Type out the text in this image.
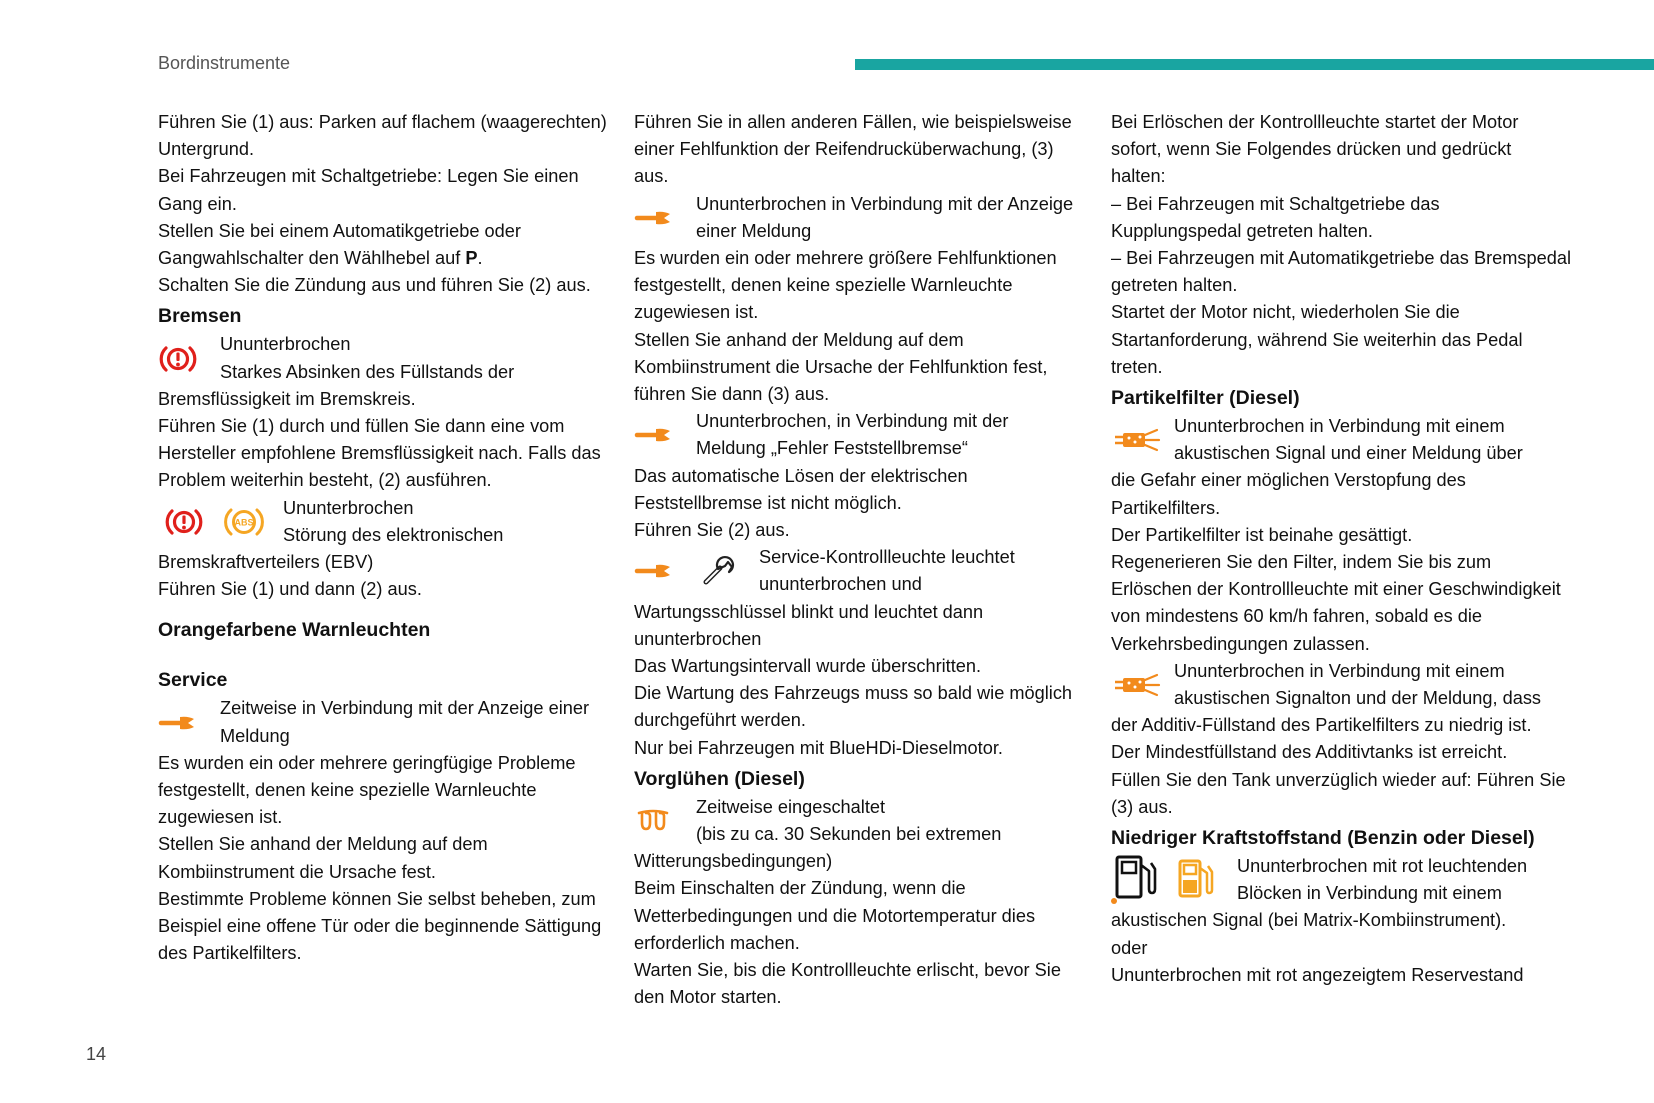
Bordinstrumente

Führen Sie (1) aus: Parken auf flachem (waagerechten) Untergrund.

Bei Fahrzeugen mit Schaltgetriebe: Legen Sie einen Gang ein.

Stellen Sie bei einem Automatikgetriebe oder Gangwahlschalter den Wählhebel auf P.

Schalten Sie die Zündung aus und führen Sie (2) aus.

Bremsen

Ununterbrochen

Starkes Absinken des Füllstands der

Bremsflüssigkeit im Bremskreis.

Führen Sie (1) durch und füllen Sie dann eine vom Hersteller empfohlene Bremsflüssigkeit nach. Falls das Problem weiterhin besteht, (2) ausführen.

ABS

Ununterbrochen

Störung des elektronischen

Bremskraftverteilers (EBV)

Führen Sie (1) und dann (2) aus.

Orangefarbene Warnleuchten
Service

Zeitweise in Verbindung mit der Anzeige einer

Meldung

Es wurden ein oder mehrere geringfügige Probleme festgestellt, denen keine spezielle Warnleuchte zugewiesen ist.

Stellen Sie anhand der Meldung auf dem Kombiinstrument die Ursache fest.

Bestimmte Probleme können Sie selbst beheben, zum Beispiel eine offene Tür oder die beginnende Sättigung des Partikelfilters.

Führen Sie in allen anderen Fällen, wie beispielsweise einer Fehlfunktion der Reifendrucküberwachung, (3) aus.

Ununterbrochen in Verbindung mit der Anzeige

einer Meldung

Es wurden ein oder mehrere größere Fehlfunktionen festgestellt, denen keine spezielle Warnleuchte zugewiesen ist.

Stellen Sie anhand der Meldung auf dem Kombiinstrument die Ursache der Fehlfunktion fest, führen Sie dann (3) aus.

Ununterbrochen, in Verbindung mit der

Meldung „Fehler Feststellbremse“

Das automatische Lösen der elektrischen Feststellbremse ist nicht möglich.

Führen Sie (2) aus.

Service-Kontrollleuchte leuchtet

ununterbrochen und

Wartungsschlüssel blinkt und leuchtet dann ununterbrochen

Das Wartungsintervall wurde überschritten.

Die Wartung des Fahrzeugs muss so bald wie möglich durchgeführt werden.

Nur bei Fahrzeugen mit BlueHDi-Dieselmotor.

Vorglühen (Diesel)

Zeitweise eingeschaltet

(bis zu ca. 30 Sekunden bei extremen

Witterungsbedingungen)

Beim Einschalten der Zündung, wenn die Wetterbedingungen und die Motortemperatur dies erforderlich machen.

Warten Sie, bis die Kontrollleuchte erlischt, bevor Sie den Motor starten.

Bei Erlöschen der Kontrollleuchte startet der Motor sofort, wenn Sie Folgendes drücken und gedrückt halten:

– Bei Fahrzeugen mit Schaltgetriebe das Kupplungspedal getreten halten.

– Bei Fahrzeugen mit Automatikgetriebe das Bremspedal getreten halten.

Startet der Motor nicht, wiederholen Sie die Startanforderung, während Sie weiterhin das Pedal treten.

Partikelfilter (Diesel)

Ununterbrochen in Verbindung mit einem

akustischen Signal und einer Meldung über

die Gefahr einer möglichen Verstopfung des Partikelfilters.

Der Partikelfilter ist beinahe gesättigt.

Regenerieren Sie den Filter, indem Sie bis zum Erlöschen der Kontrollleuchte mit einer Geschwindigkeit von mindestens 60 km/h fahren, sobald es die Verkehrsbedingungen zulassen.

Ununterbrochen in Verbindung mit einem

akustischen Signalton und der Meldung, dass

der Additiv-Füllstand des Partikelfilters zu niedrig ist.

Der Mindestfüllstand des Additivtanks ist erreicht.

Füllen Sie den Tank unverzüglich wieder auf: Führen Sie (3) aus.

Niedriger Kraftstoffstand (Benzin oder Diesel)

Ununterbrochen mit rot leuchtenden

Blöcken in Verbindung mit einem

akustischen Signal (bei Matrix-Kombiinstrument).

oder

Ununterbrochen mit rot angezeigtem Reservestand

14
